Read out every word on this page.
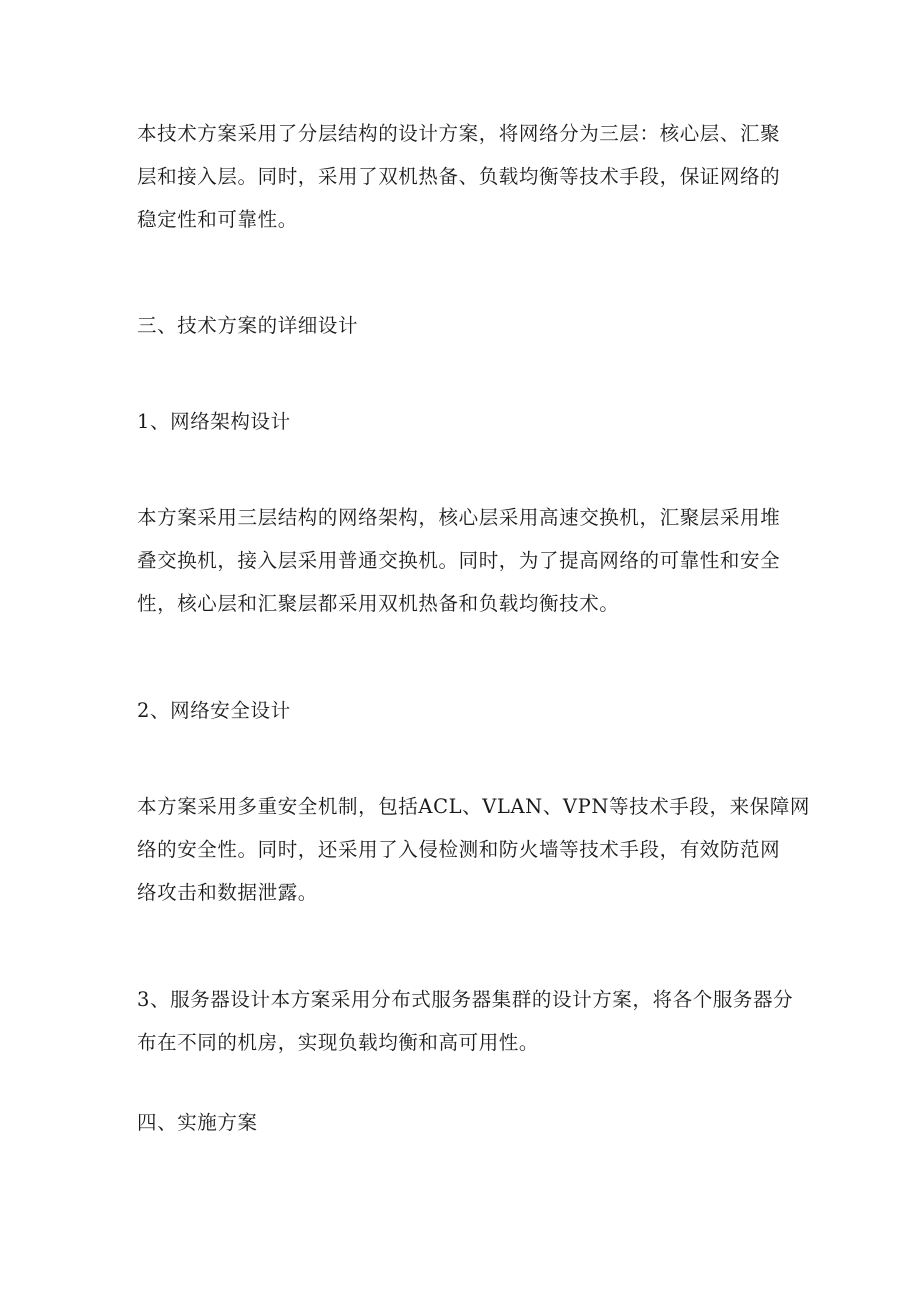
本技术方案采用了分层结构的设计方案，将网络分为三层：核心层、汇聚
层和接入层。同时，采用了双机热备、负载均衡等技术手段，保证网络的
稳定性和可靠性。

三、技术方案的详细设计

1、网络架构设计

本方案采用三层结构的网络架构，核心层采用高速交换机，汇聚层采用堆
叠交换机，接入层采用普通交换机。同时，为了提高网络的可靠性和安全
性，核心层和汇聚层都采用双机热备和负载均衡技术。

2、网络安全设计

本方案采用多重安全机制，包括ACL、VLAN、VPN等技术手段，来保障网
络的安全性。同时，还采用了入侵检测和防火墙等技术手段，有效防范网
络攻击和数据泄露。

3、服务器设计本方案采用分布式服务器集群的设计方案，将各个服务器分
布在不同的机房，实现负载均衡和高可用性。

四、实施方案
